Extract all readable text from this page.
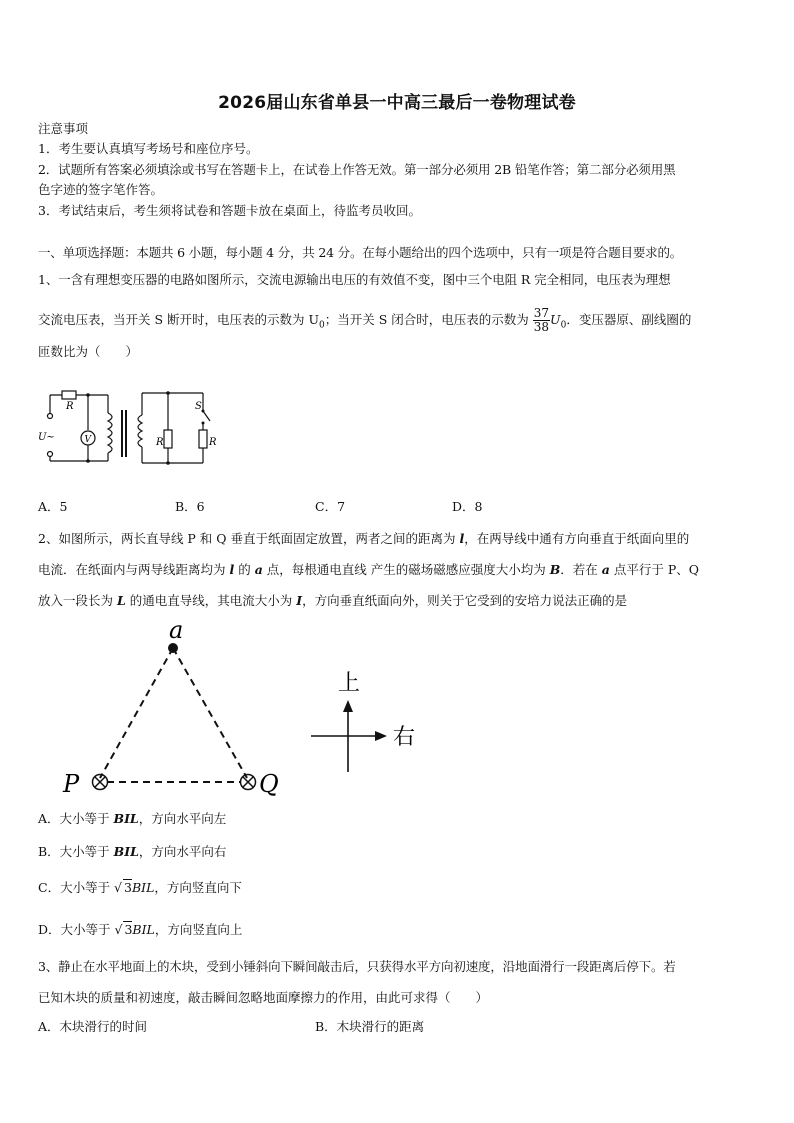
2026届山东省单县一中高三最后一卷物理试卷
注意事项
1．考生要认真填写考场号和座位序号。
2．试题所有答案必须填涂或书写在答题卡上，在试卷上作答无效。第一部分必须用 2B 铅笔作答；第二部分必须用黑
色字迹的签字笔作答。
3．考试结束后，考生须将试卷和答题卡放在桌面上，待监考员收回。
一、单项选择题：本题共 6 小题，每小题 4 分，共 24 分。在每小题给出的四个选项中，只有一项是符合题目要求的。
1、一含有理想变压器的电路如图所示，交流电源输出电压的有效值不变，图中三个电阻 R 完全相同，电压表为理想
交流电压表，当开关 S 断开时，电压表的示数为 $U_0$；当开关 S 闭合时，电压表的示数为 $\frac{37}{38} U_0$．变压器原、副线圈的
匝数比为（　　）
R
U~	V
S
R	R
A．5	B．6	C．7	D．8
2、如图所示，两长直导线 P 和 Q 垂直于纸面固定放置，两者之间的距离为 l，在两导线中通有方向垂直于纸面向里的
电流．在纸面内与两导线距离均为 l 的 a 点，每根通电直线 产生的磁场磁感应强度大小均为 B．若在 a 点平行于 P、Q
放入一段长为 L 的通电直导线，其电流大小为 I，方向垂直纸面向外，则关于它受到的安培力说法正确的是
a
P	Q
上
右
A．大小等于 BIL，方向水平向左
B．大小等于 BIL，方向水平向右
C．大小等于 √ 3BIL，方向竖直向下
D．大小等于 √ 3BIL，方向竖直向上
3、静止在水平地面上的木块，受到小锤斜向下瞬间敲击后，只获得水平方向初速度，沿地面滑行一段距离后停下。若
已知木块的质量和初速度，敲击瞬间忽略地面摩擦力的作用，由此可求得（　　）
A．木块滑行的时间	B．木块滑行的距离
